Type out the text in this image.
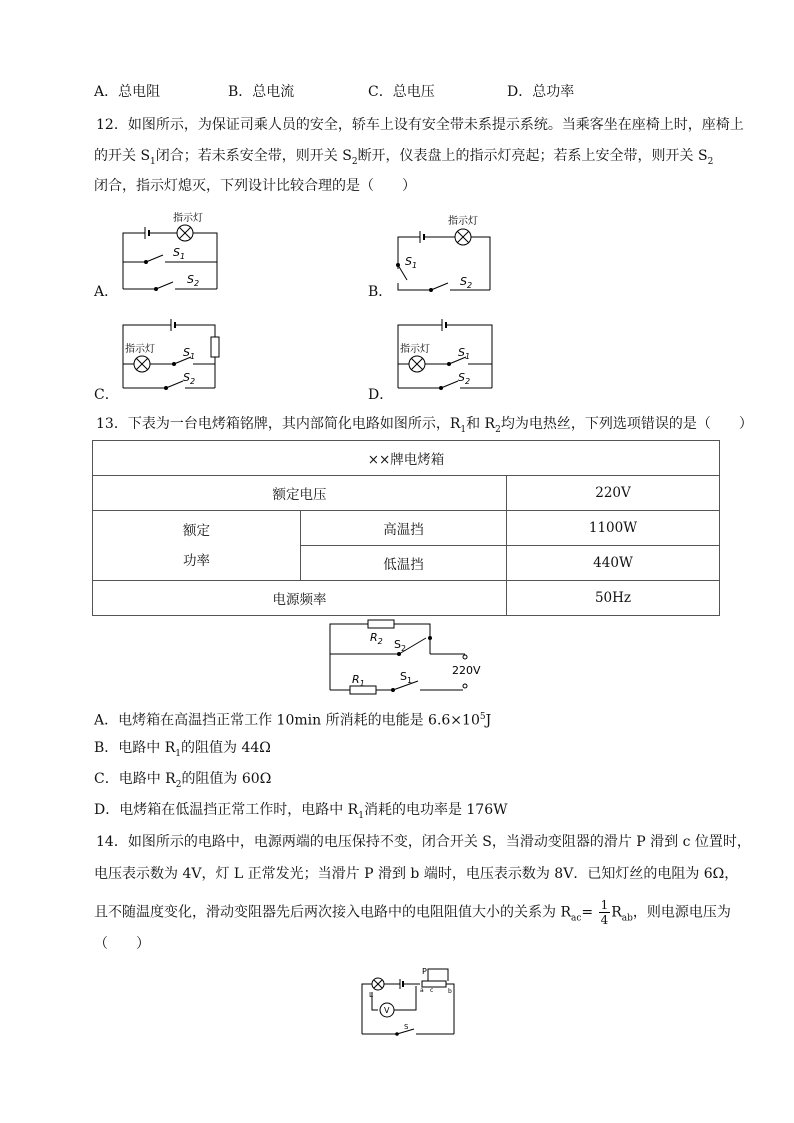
A．总电阻	B．总电流	C．总电压	D．总功率
12．如图所示，为保证司乘人员的安全，轿车上设有安全带未系提示系统。当乘客坐在座椅上时，座椅上
的开关 $S_1$闭合；若未系安全带，则开关 $S_2$断开，仪表盘上的指示灯亮起；若系上安全带，则开关 $S_2$
闭合，指示灯熄灭，下列设计比较合理的是（　　）
A．	B．
C．	D．
指示灯
$S_1$
$S_2$
指示灯
$S_1$
$S_2$
指示灯	$S_1$
$S_2$
指示灯	$S_1$
$S_2$
13．下表为一台电烤箱铭牌，其内部简化电路如图所示，$R_1$和 $R_2$均为电热丝，下列选项错误的是（　　）
××牌电烤箱		
额定电压		220V

额定
功率	高温挡	1100W
	低温挡	440W
电源频率		50Hz
$R_2$ $S_2$
220V
$R_1$
$S_1$
A．电烤箱在高温挡正常工作 10min 所消耗的电能是 $6.6\times 10^5J$
B．电路中 $R_1$的阻值为 44Ω
C．电路中 $R_2$的阻值为 60Ω
D．电烤箱在低温挡正常工作时，电路中 $R_1$消耗的电功率是 176W
14．如图所示的电路中，电源两端的电压保持不变，闭合开关 S，当滑动变阻器的滑片 P 滑到 c 位置时，
电压表示数为 4V，灯 L 正常发光；当滑片 P 滑到 b 端时，电压表示数为 8V．已知灯丝的电阻为 6Ω，
且不随温度变化，滑动变阻器先后两次接入电路中的电阻阻值大小的关系为 $R_{ac}= \frac{1}{4} R_{ab}$，则电源电压为
（　　）
P
a c b
L
V
S
